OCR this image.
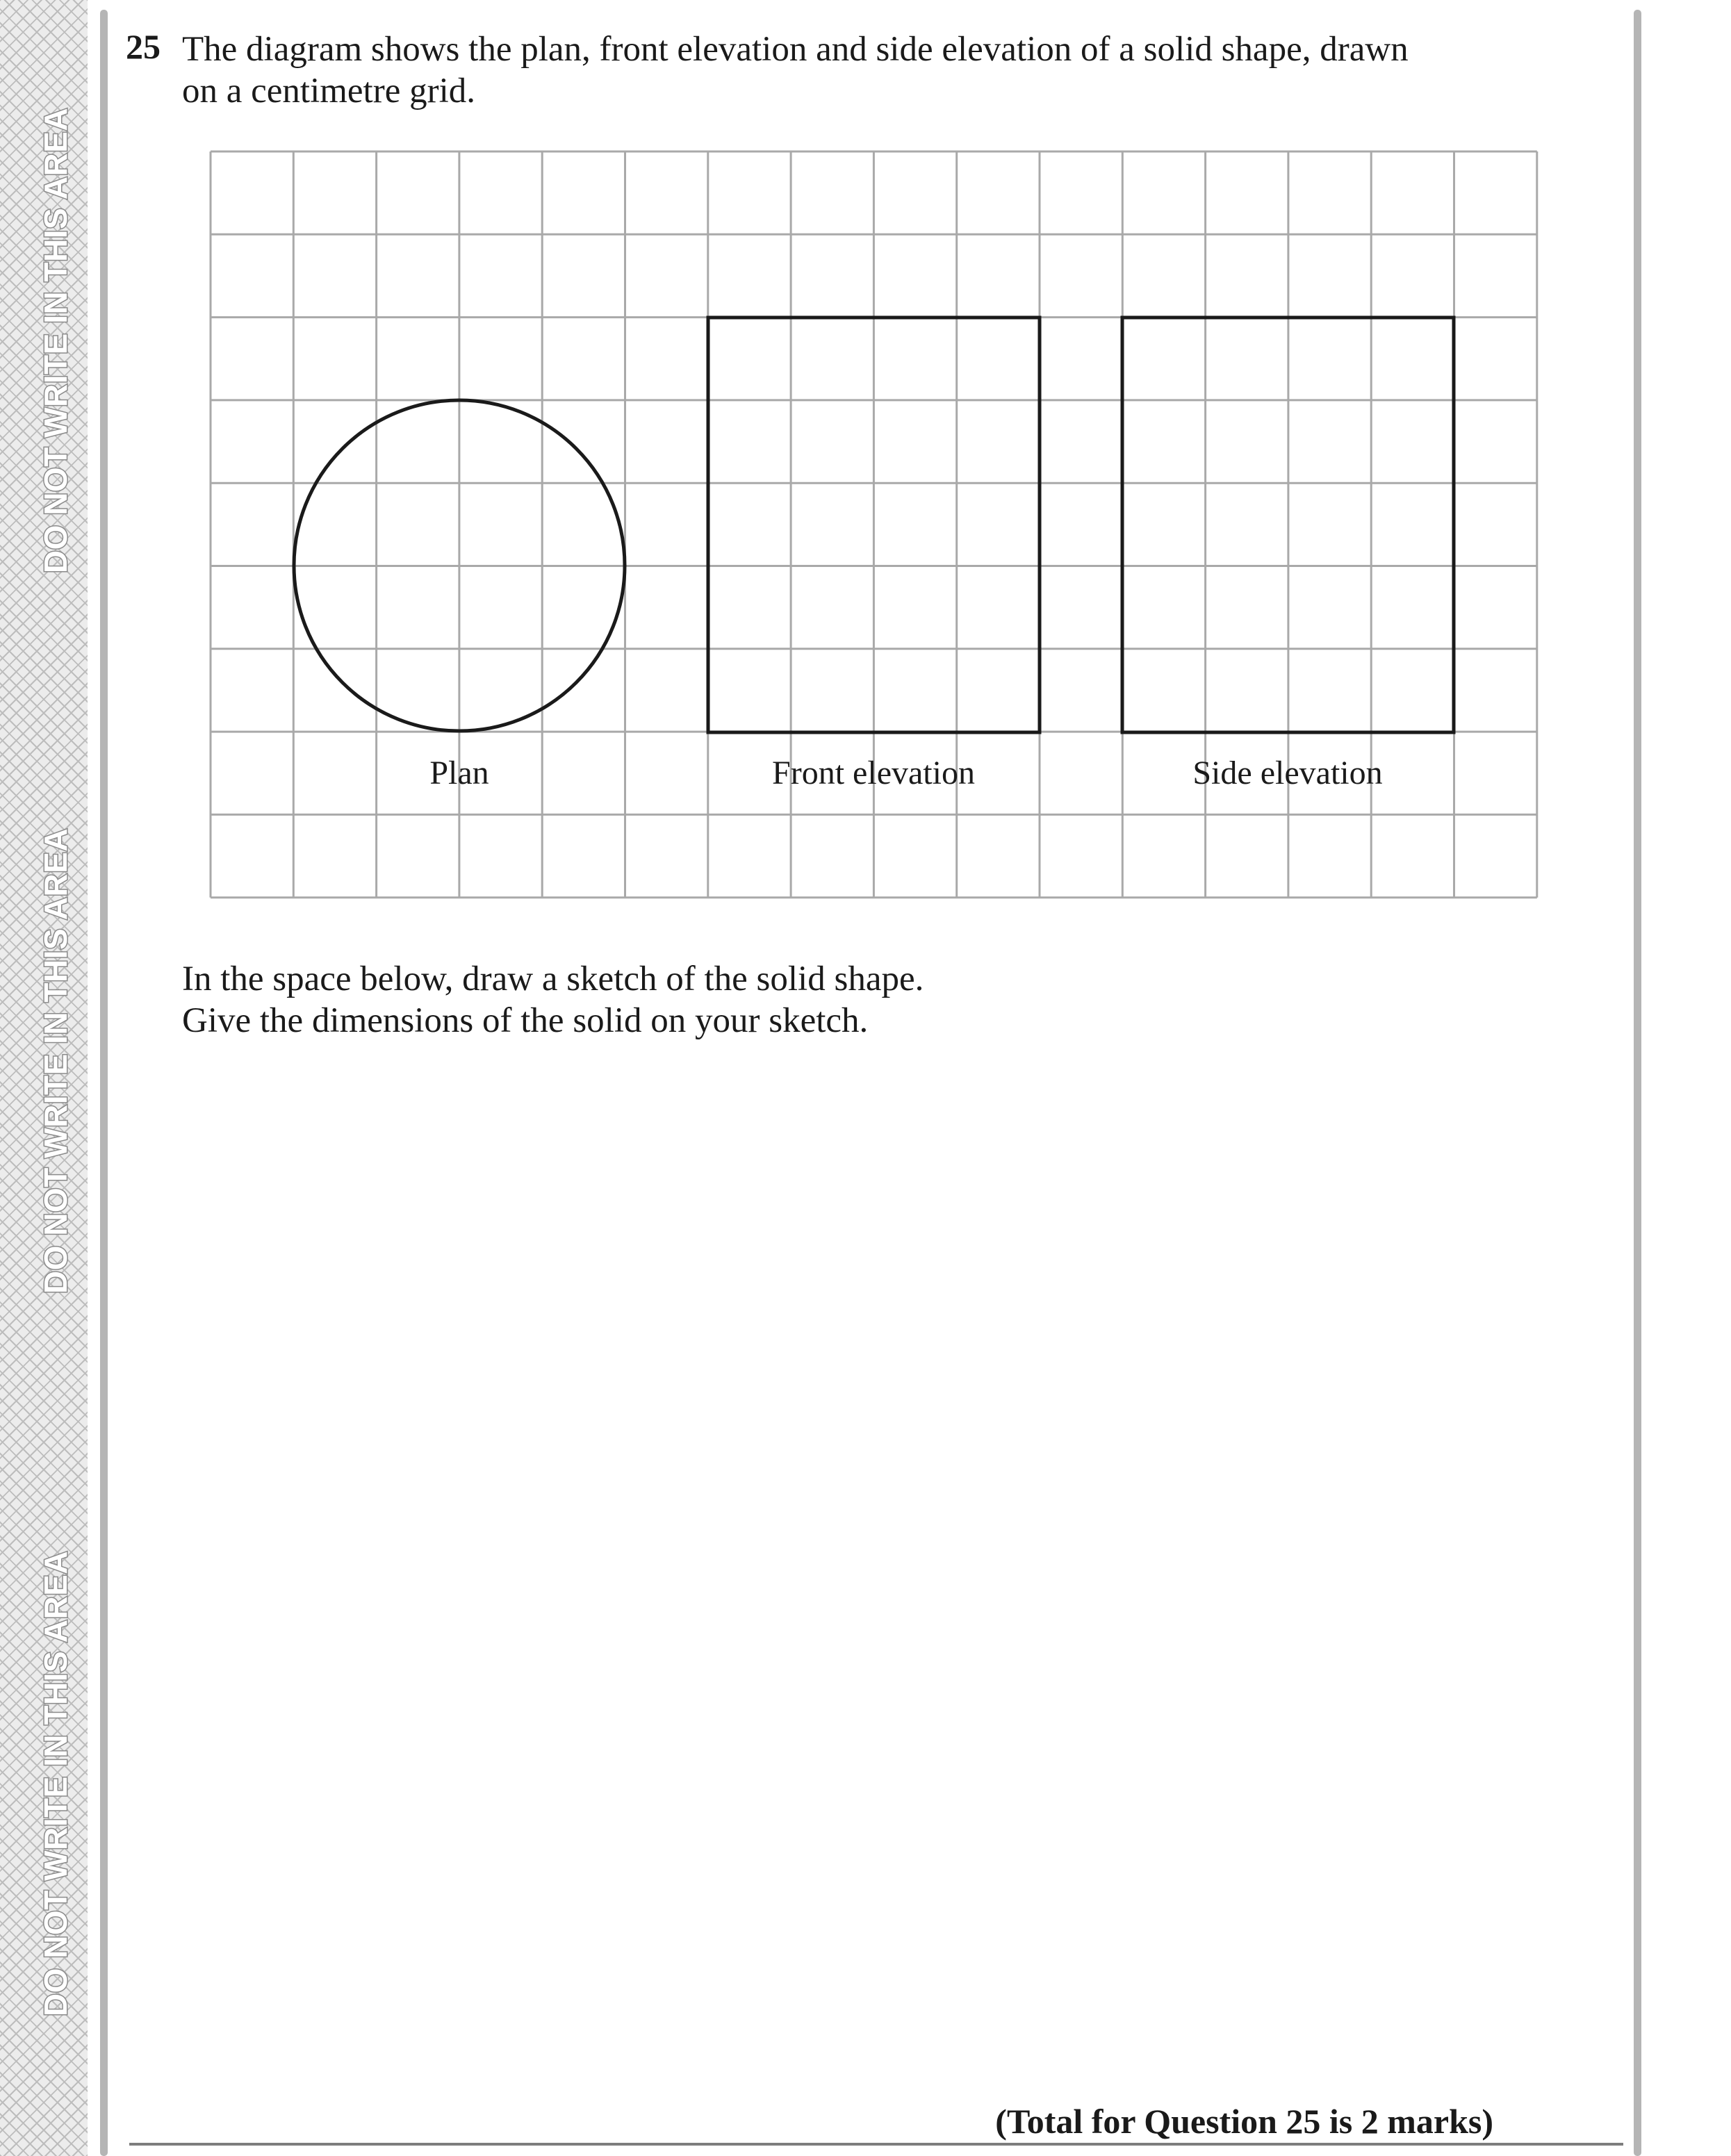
DO NOT WRITE IN THIS AREA
DO NOT WRITE IN THIS AREA
DO NOT WRITE IN THIS AREA
25 The diagram shows the plan, front elevation and side elevation of a solid shape, drawn
on a centimetre grid.
Plan	Front elevation	Side elevation
In the space below, draw a sketch of the solid shape.
Give the dimensions of the solid on your sketch.
(Total for Question 25 is 2 marks)
